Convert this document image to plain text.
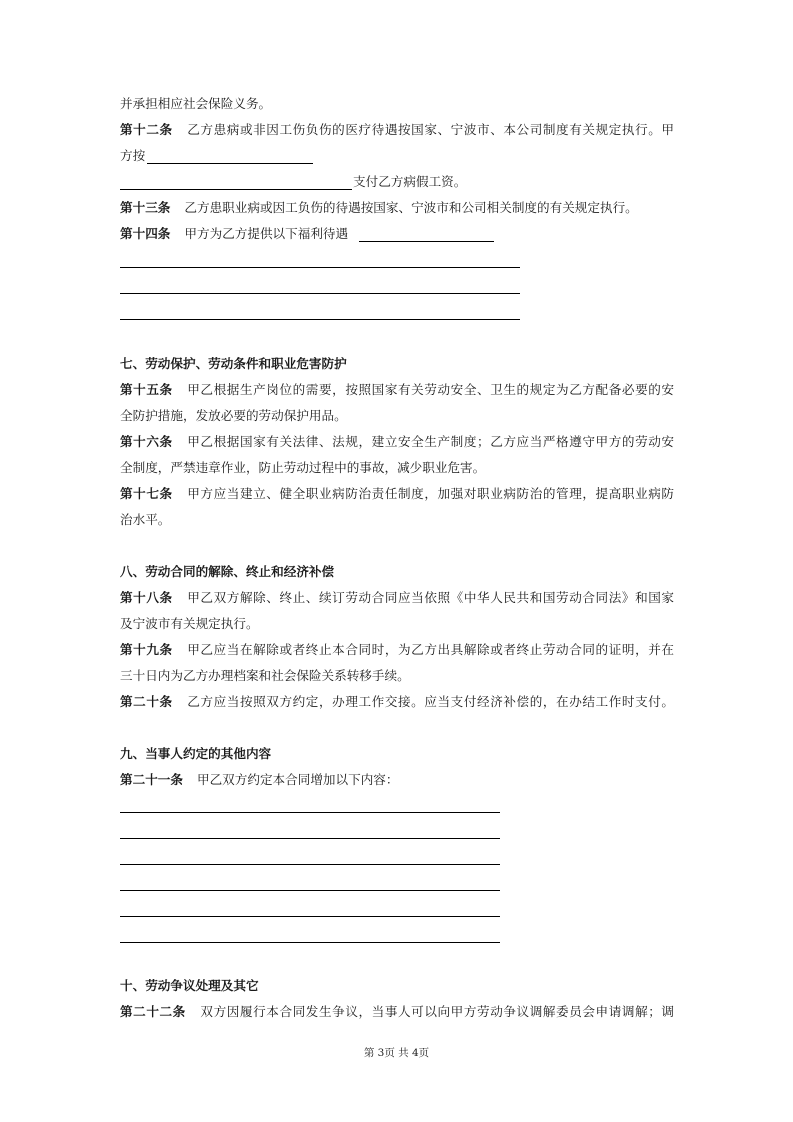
并承担相应社会保险义务。
第十二条 乙方患病或非因工伤负伤的医疗待遇按国家、宁波市、本公司制度有关规定执行。甲
方按
支付乙方病假工资。
第十三条 乙方患职业病或因工负伤的待遇按国家、宁波市和公司相关制度的有关规定执行。
第十四条 甲方为乙方提供以下福利待遇
七、劳动保护、劳动条件和职业危害防护
第十五条 甲乙根据生产岗位的需要，按照国家有关劳动安全、卫生的规定为乙方配备必要的安
全防护措施，发放必要的劳动保护用品。
第十六条 甲乙根据国家有关法律、法规，建立安全生产制度；乙方应当严格遵守甲方的劳动安
全制度，严禁违章作业，防止劳动过程中的事故，减少职业危害。
第十七条 甲方应当建立、健全职业病防治责任制度，加强对职业病防治的管理，提高职业病防
治水平。
八、劳动合同的解除、终止和经济补偿
第十八条 甲乙双方解除、终止、续订劳动合同应当依照《中华人民共和国劳动合同法》和国家
及宁波市有关规定执行。
第十九条 甲乙应当在解除或者终止本合同时，为乙方出具解除或者终止劳动合同的证明，并在
三十日内为乙方办理档案和社会保险关系转移手续。
第二十条 乙方应当按照双方约定，办理工作交接。应当支付经济补偿的，在办结工作时支付。
九、当事人约定的其他内容
第二十一条 甲乙双方约定本合同增加以下内容：
十、劳动争议处理及其它
第二十二条 双方因履行本合同发生争议，当事人可以向甲方劳动争议调解委员会申请调解；调
第 3页 共 4页
